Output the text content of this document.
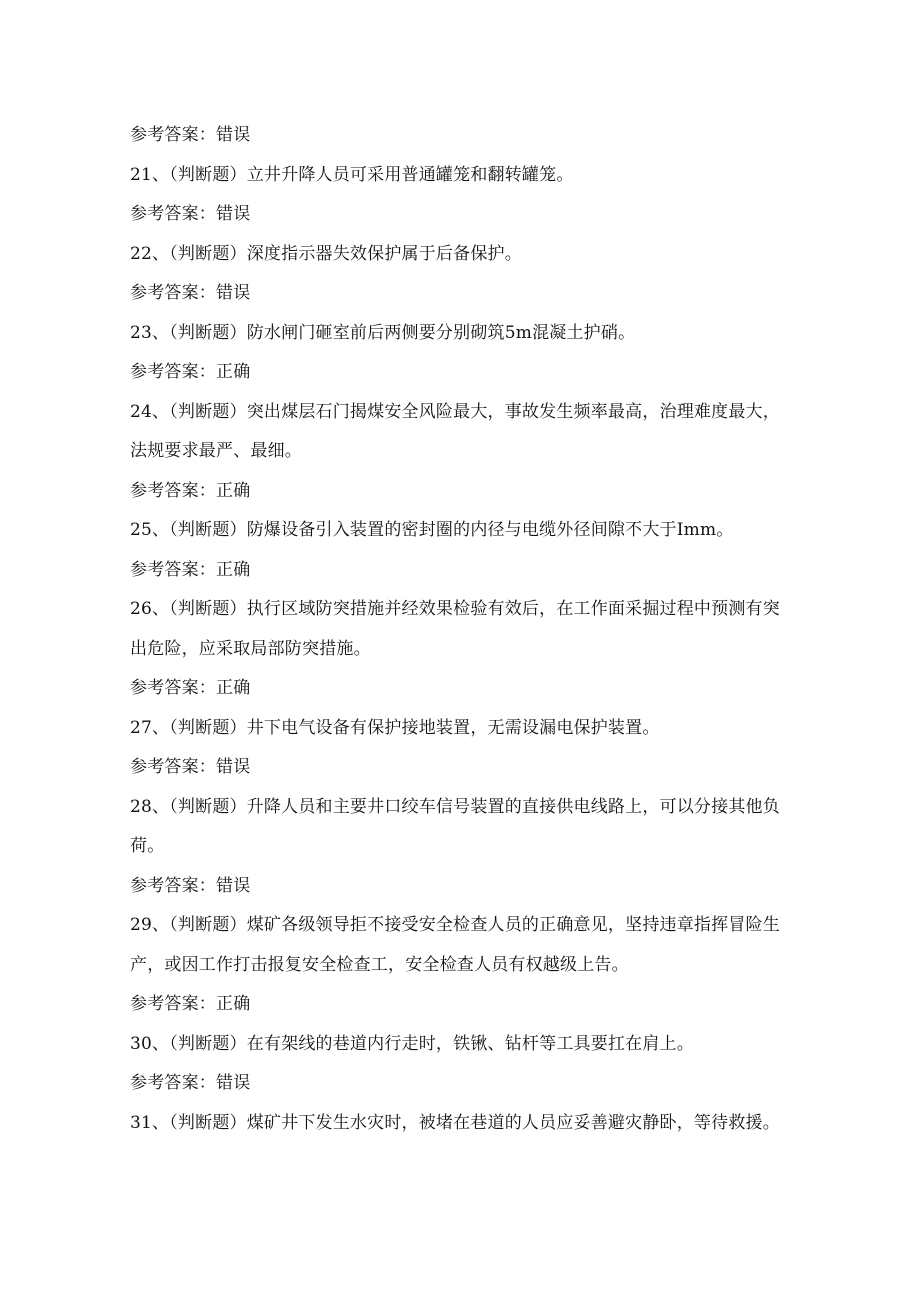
参考答案：错误

21、（判断题）立井升降人员可采用普通罐笼和翻转罐笼。

参考答案：错误

22、（判断题）深度指示器失效保护属于后备保护。

参考答案：错误

23、（判断题）防水闸门砸室前后两侧要分别砌筑5m混凝土护硝。

参考答案：正确

24、（判断题）突出煤层石门揭煤安全风险最大，事故发生频率最高，治理难度最大，法规要求最严、最细。

参考答案：正确

25、（判断题）防爆设备引入装置的密封圈的内径与电缆外径间隙不大于Imm。

参考答案：正确

26、（判断题）执行区域防突措施并经效果检验有效后，在工作面采掘过程中预测有突出危险，应采取局部防突措施。

参考答案：正确

27、（判断题）井下电气设备有保护接地装置，无需设漏电保护装置。

参考答案：错误

28、（判断题）升降人员和主要井口绞车信号装置的直接供电线路上，可以分接其他负荷。

参考答案：错误

29、（判断题）煤矿各级领导拒不接受安全检查人员的正确意见，坚持违章指挥冒险生产，或因工作打击报复安全检查工，安全检查人员有权越级上告。

参考答案：正确

30、（判断题）在有架线的巷道内行走时，铁锹、钻杆等工具要扛在肩上。

参考答案：错误

31、（判断题）煤矿井下发生水灾时，被堵在巷道的人员应妥善避灾静卧，等待救援。
